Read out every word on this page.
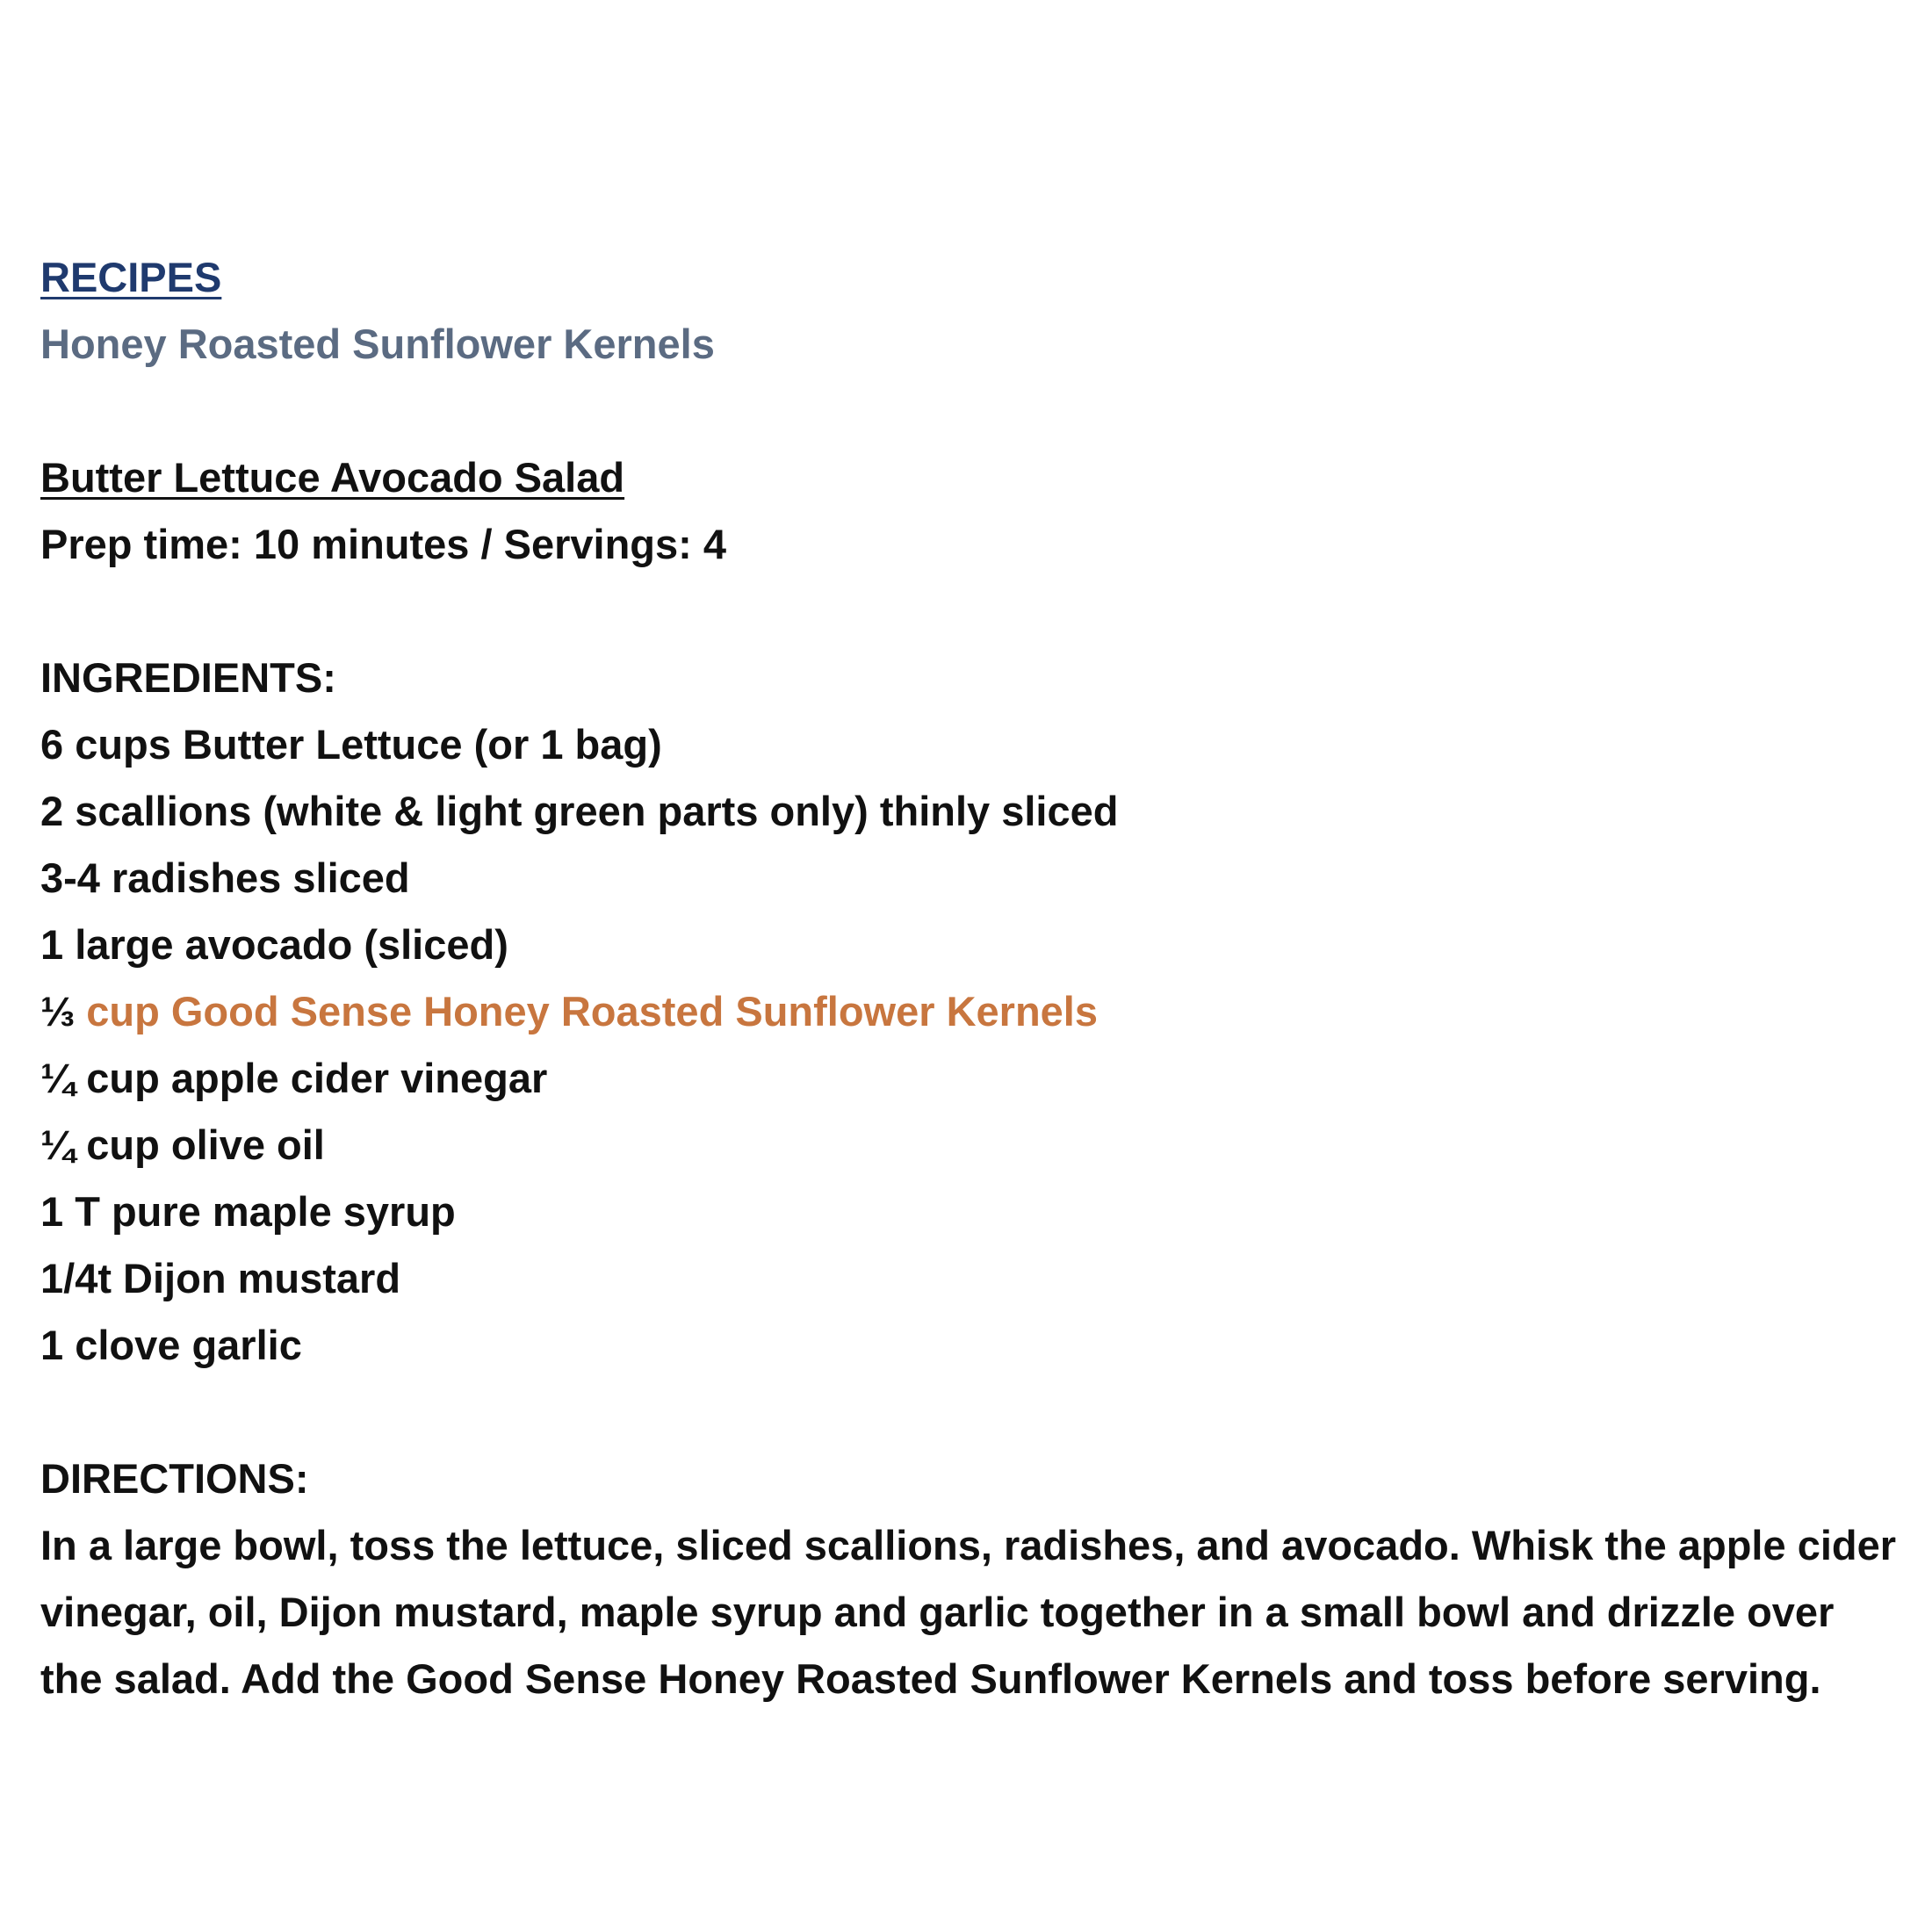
RECIPES
Honey Roasted Sunflower Kernels
Butter Lettuce Avocado Salad
Prep time: 10 minutes / Servings: 4
INGREDIENTS:
6 cups Butter Lettuce (or 1 bag)
2 scallions (white & light green parts only) thinly sliced
3-4 radishes sliced
1 large avocado (sliced)
⅓ cup Good Sense Honey Roasted Sunflower Kernels
¼ cup apple cider vinegar
¼ cup olive oil
1 T pure maple syrup
1/4t Dijon mustard
1 clove garlic
DIRECTIONS:

In a large bowl, toss the lettuce, sliced scallions, radishes, and avocado. Whisk the apple cider vinegar, oil, Dijon mustard, maple syrup and garlic together in a small bowl and drizzle over the salad. Add the Good Sense Honey Roasted Sunflower Kernels and toss before serving.
